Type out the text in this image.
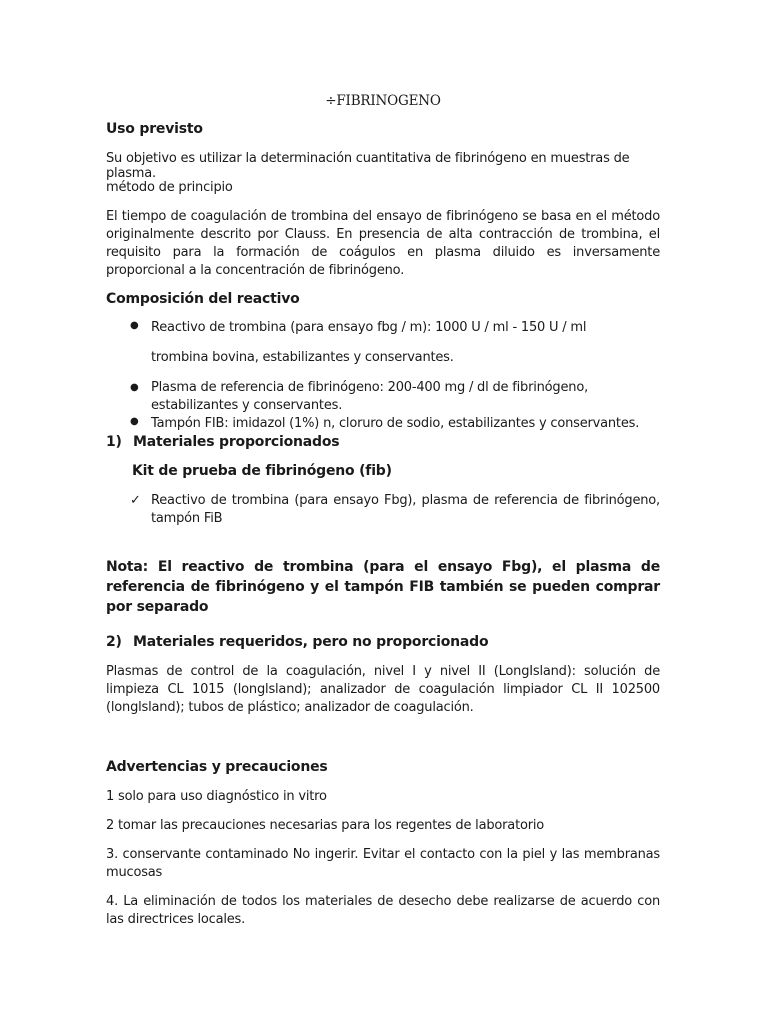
÷FIBRINOGENO
Uso previsto
Su objetivo es utilizar la determinación cuantitativa de fibrinógeno en muestras de plasma.
método de principio

El tiempo de coagulación de trombina del ensayo de fibrinógeno se basa en el método originalmente descrito por Clauss. En presencia de alta contracción de trombina, el requisito para la formación de coágulos en plasma diluido es inversamente proporcional a la concentración de fibrinógeno.

Composición del reactivo
● Reactivo de trombina (para ensayo fbg / m): 1000 U / ml - 150 U / ml
trombina bovina, estabilizantes y conservantes.
● Plasma de referencia de fibrinógeno: 200-400 mg / dl de fibrinógeno, estabilizantes y conservantes.
● Tampón FIB: imidazol (1%) n, cloruro de sodio, estabilizantes y conservantes.
1) Materiales proporcionados
Kit de prueba de fibrinógeno (fib)
✓ Reactivo de trombina (para ensayo Fbg), plasma de referencia de fibrinógeno, tampón FiB

Nota: El reactivo de trombina (para el ensayo Fbg), el plasma de referencia de fibrinógeno y el tampón FIB también se pueden comprar por separado

2) Materiales requeridos, pero no proporcionado

Plasmas de control de la coagulación, nivel I y nivel II (LongIsland): solución de limpieza CL 1015 (longlsland); analizador de coagulación limpiador CL II 102500 (longlsland); tubos de plástico; analizador de coagulación.

Advertencias y precauciones
1 solo para uso diagnóstico in vitro
2 tomar las precauciones necesarias para los regentes de laboratorio

3. conservante contaminado No ingerir. Evitar el contacto con la piel y las membranas mucosas

4. La eliminación de todos los materiales de desecho debe realizarse de acuerdo con las directrices locales.
